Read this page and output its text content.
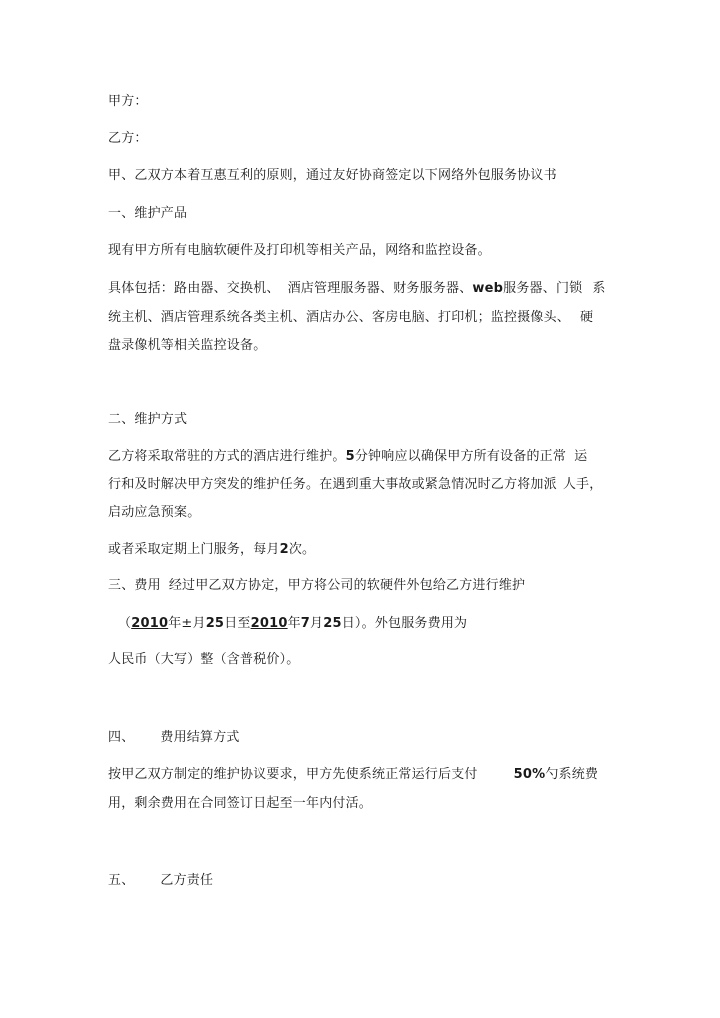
甲方：
乙方：
甲、乙双方本着互惠互利的原则，通过友好协商签定以下网络外包服务协议书
一、维护产品
现有甲方所有电脑软硬件及打印机等相关产品，网络和监控设备。
具体包括：路由器、交换机、 酒店管理服务器、财务服务器、web服务器、门锁 系
统主机、酒店管理系统各类主机、酒店办公、客房电脑、打印机；监控摄像头、 硬
盘录像机等相关监控设备。
二、维护方式
乙方将采取常驻的方式的酒店进行维护。5分钟响应以确保甲方所有设备的正常 运
行和及时解决甲方突发的维护任务。在遇到重大事故或紧急情况时乙方将加派 人手，
启动应急预案。
或者采取定期上门服务，每月2次。
三、费用 经过甲乙双方协定，甲方将公司的软硬件外包给乙方进行维护
（2010年±月25日至2010年7月25日）。外包服务费用为
人民币（大写）整（含普税价）。
四、 费用结算方式
按甲乙双方制定的维护协议要求，甲方先使系统正常运行后支付	50%勺系统费
用，剩余费用在合同签订日起至一年内付活。
五、 乙方责任
